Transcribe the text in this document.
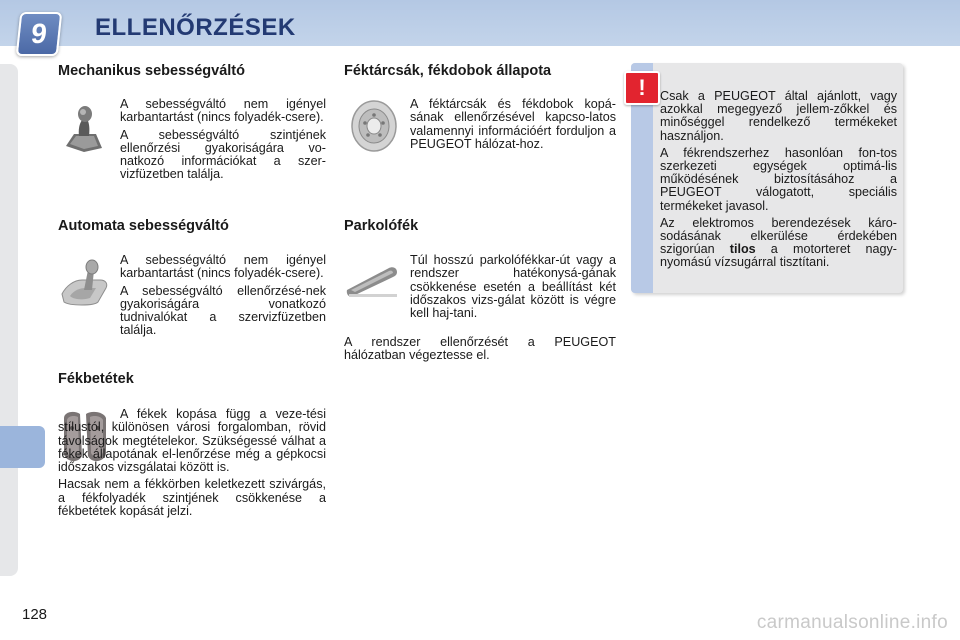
9 ELLENŐRZÉSEK
Mechanikus sebességváltó

A sebességváltó nem igényel karbantartást (nincs folyadék-csere).

A sebességváltó szintjének ellenőrzési gyakoriságára vo-natkozó információkat a szer-vizfüzetben találja.

Automata sebességváltó

A sebességváltó nem igényel karbantartást (nincs folyadék-csere).

A sebességváltó ellenőrzésé-nek gyakoriságára vonatkozó tudnivalókat a szervizfüzetben találja.

Fékbetétek

A fékek kopása függ a veze-tési stílustól, különösen városi forgalomban, rövid távolságok megtételekor. Szükségessé válhat a fékek állapotának el-lenőrzése még a gépkocsi időszakos vizsgálatai között is.

Hacsak nem a fékkörben keletkezett szivárgás, a fékfolyadék szintjének csökkenése a fékbetétek kopását jelzi.

Féktárcsák, fékdobok állapota

A féktárcsák és fékdobok kopá-sának ellenőrzésével kapcso-latos valamennyi információért forduljon a PEUGEOT hálózat-hoz.

Parkolófék

Túl hosszú parkolófékkar-út vagy a rendszer hatékonysá-gának csökkenése esetén a beállítást két időszakos vizs-gálat között is végre kell haj-tani.

A rendszer ellenőrzését a PEUGEOT hálózatban végeztesse el.

! Csak a PEUGEOT által ajánlott, vagy azokkal megegyező jellem-zőkkel és minőséggel rendelkező termékeket használjon.

A fékrendszerhez hasonlóan fon-tos szerkezeti egységek optimá-lis működésének biztosításához a PEUGEOT válogatott, speciális termékeket javasol.

Az elektromos berendezések káro-sodásának elkerülése érdekében szigorúan tilos a motorteret nagy-nyomású vízsugárral tisztítani.

128	carmanualsonline.info
